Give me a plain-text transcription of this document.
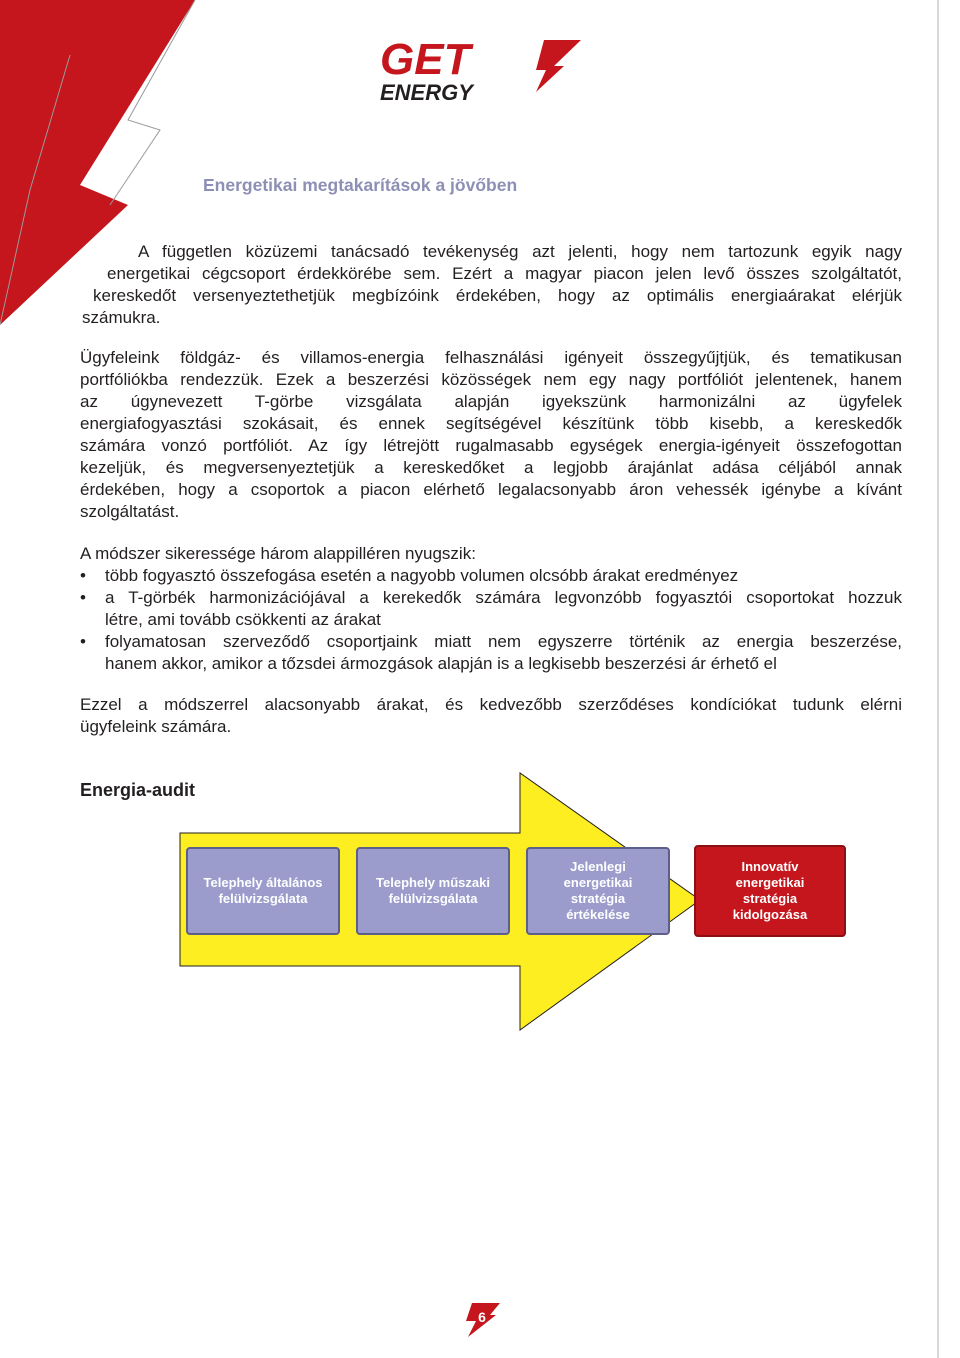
GET
ENERGY
Energetikai megtakarítások a jövőben
A független közüzemi tanácsadó tevékenység azt jelenti, hogy nem tartozunk egyik nagy
energetikai cégcsoport érdekkörébe sem. Ezért a magyar piacon jelen levő összes szolgáltatót,
kereskedőt versenyeztethetjük megbízóink érdekében, hogy az optimális energiaárakat elérjük
számukra.
Ügyfeleink földgáz- és villamos-energia felhasználási igényeit összegyűjtjük, és tematikusan
portfóliókba rendezzük. Ezek a beszerzési közösségek nem egy nagy portfóliót jelentenek, hanem
az úgynevezett T-görbe vizsgálata alapján igyekszünk harmonizálni az ügyfelek
energiafogyasztási szokásait, és ennek segítségével készítünk több kisebb, a kereskedők
számára vonzó portfóliót. Az így létrejött rugalmasabb egységek energia-igényeit összefogottan
kezeljük, és megversenyeztetjük a kereskedőket a legjobb árajánlat adása céljából annak
érdekében, hogy a csoportok a piacon elérhető legalacsonyabb áron vehessék igénybe a kívánt
szolgáltatást.
A módszer sikeressége három alappilléren nyugszik:
• több fogyasztó összefogása esetén a nagyobb volumen olcsóbb árakat eredményez
• a T-görbék harmonizációjával a kerekedők számára legvonzóbb fogyasztói csoportokat hozzuk
létre, ami tovább csökkenti az árakat
• folyamatosan szerveződő csoportjaink miatt nem egyszerre történik az energia beszerzése,
hanem akkor, amikor a tőzsdei ármozgások alapján is a legkisebb beszerzési ár érhető el
Ezzel a módszerrel alacsonyabb árakat, és kedvezőbb szerződéses kondíciókat tudunk elérni
ügyfeleink számára.
Energia-audit
Telephely általános felülvizsgálata
Telephely műszaki felülvizsgálata
Jelenlegi energetikai stratégia értékelése
Innovatív energetikai stratégia kidolgozása
6
